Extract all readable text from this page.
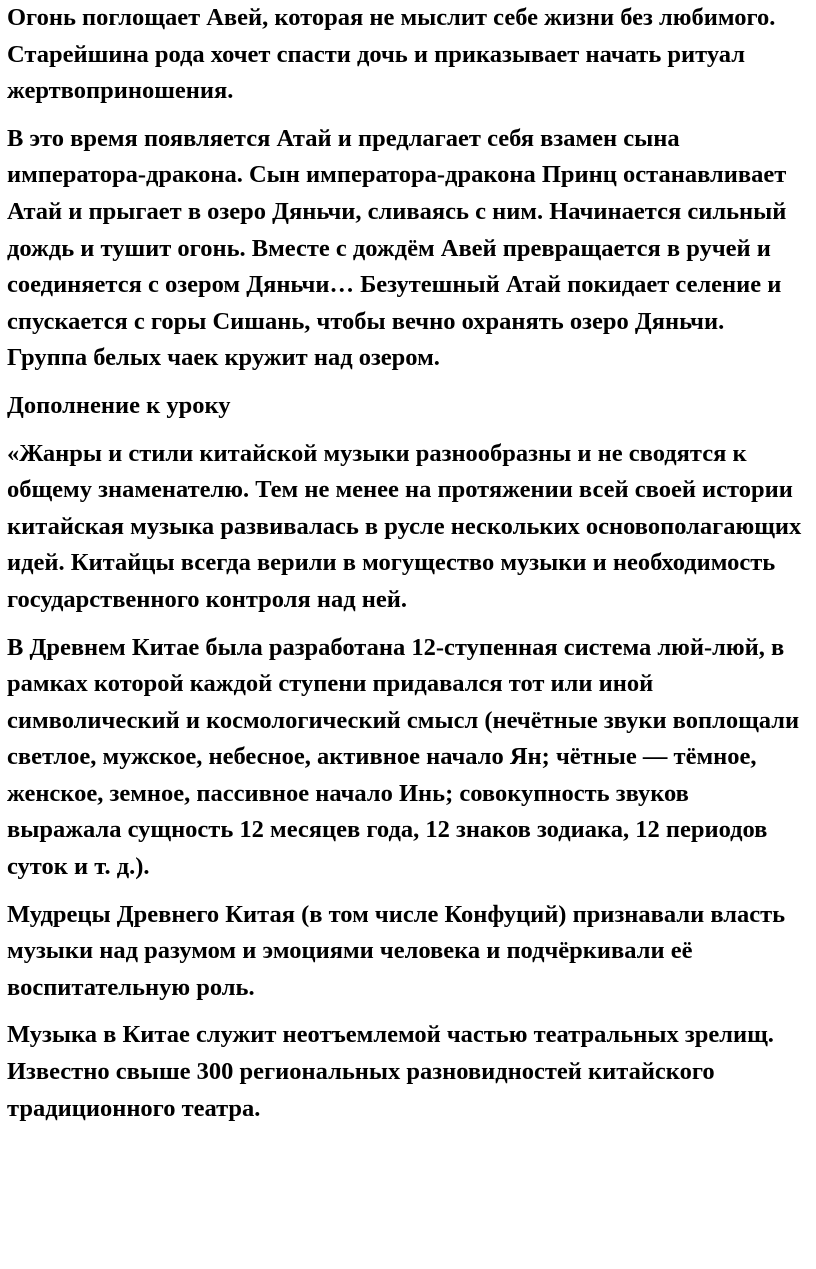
Огонь поглощает Авей, которая не мыслит себе жизни без любимого. Старейшина рода хочет спасти дочь и приказывает начать ритуал жертвоприношения.

В это время появляется Атай и предлагает себя взамен сына императора-дракона. Сын императора-дракона Принц останавливает Атай и прыгает в озеро Дяньчи, сливаясь с ним. Начинается сильный дождь и тушит огонь. Вместе с дождём Авей превращается в ручей и соединяется с озером Дяньчи… Безутешный Атай покидает селение и спускается с горы Сишань, чтобы вечно охранять озеро Дяньчи. Группа белых чаек кружит над озером.

Дополнение к уроку

«Жанры и стили китайской музыки разнообразны и не сводятся к общему знаменателю. Тем не менее на протяжении всей своей истории китайская музыка развивалась в русле нескольких основополагающих идей. Китайцы всегда верили в могущество музыки и необходимость государственного контроля над ней.

В Древнем Китае была разработана 12-ступенная система люй-люй, в рамках которой каждой ступени придавался тот или иной символический и космологический смысл (нечётные звуки воплощали светлое, мужское, небесное, активное начало Ян; чётные — тёмное, женское, земное, пассивное начало Инь; совокупность звуков выражала сущность 12 месяцев года, 12 знаков зодиака, 12 периодов суток и т. д.).

Мудрецы Древнего Китая (в том числе Конфуций) признавали власть музыки над разумом и эмоциями человека и подчёркивали её воспитательную роль.

Музыка в Китае служит неотъемлемой частью театральных зрелищ. Известно свыше 300 региональных разновидностей китайского традиционного театра.
